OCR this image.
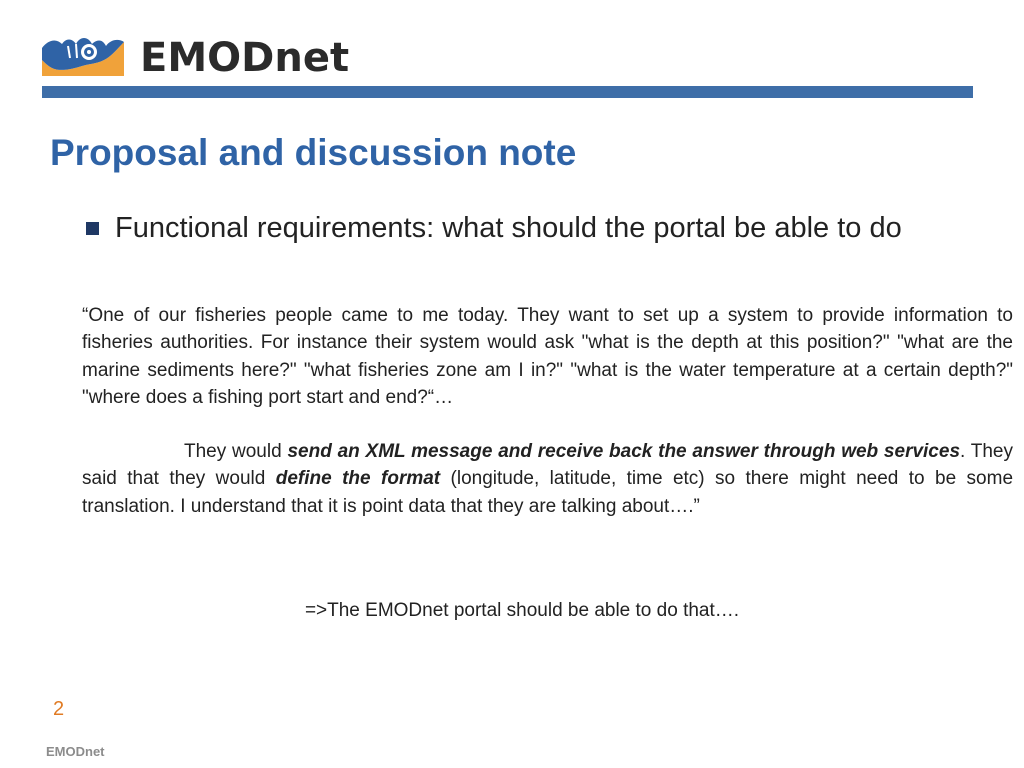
EMODnet
Proposal and discussion note
Functional requirements: what should the portal be able to do

“One of our fisheries people came to me today. They want to set up a system to provide information to fisheries authorities. For instance their system would ask "what is the depth at this position?" "what are the marine sediments here?" "what fisheries zone am I in?" "what is the water temperature at a certain depth?" "where does a fishing port start and end?“…

They would send an XML message and receive back the answer through web services. They said that they would define the format (longitude, latitude, time etc) so there might need to be some translation. I understand that it is point data that they are talking about….”

=>The EMODnet portal should be able to do that….
2
EMODnet
